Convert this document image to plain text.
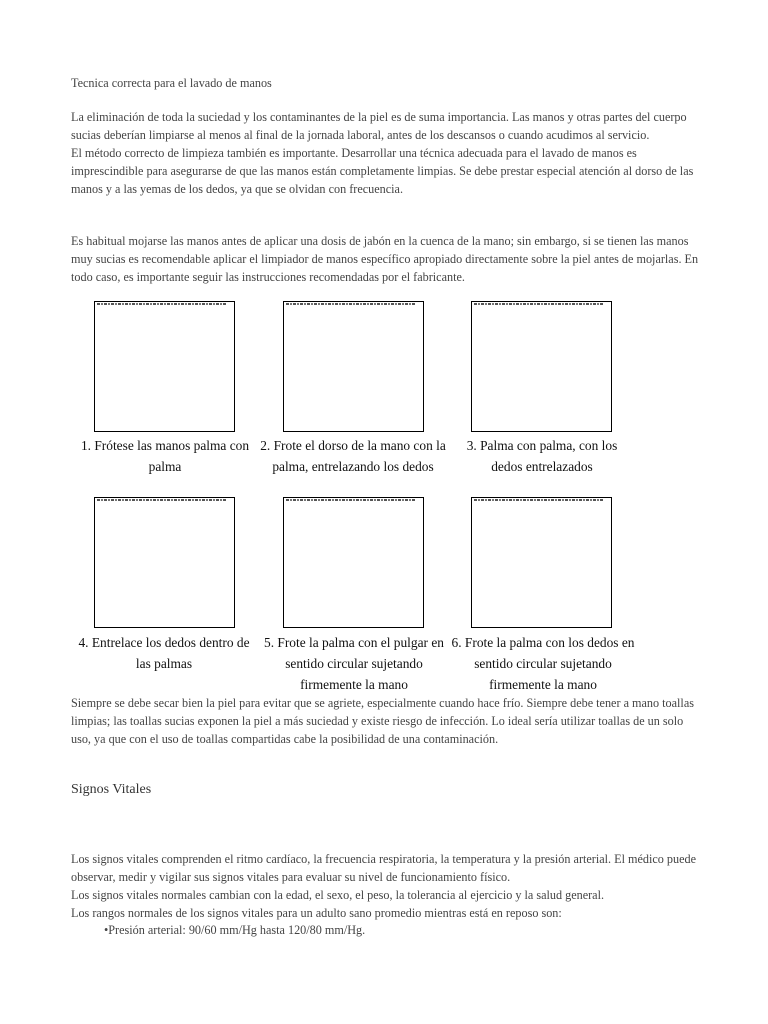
Tecnica correcta para el lavado de manos

La eliminación de toda la suciedad y los contaminantes de la piel es de suma importancia. Las manos y otras partes del cuerpo sucias deberían limpiarse al menos al final de la jornada laboral, antes de los descansos o cuando acudimos al servicio.

El método correcto de limpieza también es importante. Desarrollar una técnica adecuada para el lavado de manos es imprescindible para asegurarse de que las manos están completamente limpias. Se debe prestar especial atención al dorso de las manos y a las yemas de los dedos, ya que se olvidan con frecuencia.

Es habitual mojarse las manos antes de aplicar una dosis de jabón en la cuenca de la mano; sin embargo, si se tienen las manos muy sucias es recomendable aplicar el limpiador de manos específico apropiado directamente sobre la piel antes de mojarlas. En todo caso, es importante seguir las instrucciones recomendadas por el fabricante.

1. Frótese las manos palma con palma
2. Frote el dorso de la mano con la palma, entrelazando los dedos
3. Palma con palma, con los dedos entrelazados
4. Entrelace los dedos dentro de las palmas
5. Frote la palma con el pulgar en sentido circular sujetando firmemente la mano
6. Frote la palma con los dedos en sentido circular sujetando firmemente la mano

Siempre se debe secar bien la piel para evitar que se agriete, especialmente cuando hace frío. Siempre debe tener a mano toallas limpias; las toallas sucias exponen la piel a más suciedad y existe riesgo de infección. Lo ideal sería utilizar toallas de un solo uso, ya que con el uso de toallas compartidas cabe la posibilidad de una contaminación.

Signos Vitales

Los signos vitales comprenden el ritmo cardíaco, la frecuencia respiratoria, la temperatura y la presión arterial. El médico puede observar, medir y vigilar sus signos vitales para evaluar su nivel de funcionamiento físico.

Los signos vitales normales cambian con la edad, el sexo, el peso, la tolerancia al ejercicio y la salud general.

Los rangos normales de los signos vitales para un adulto sano promedio mientras está en reposo son:

•Presión arterial: 90/60 mm/Hg hasta 120/80 mm/Hg.
